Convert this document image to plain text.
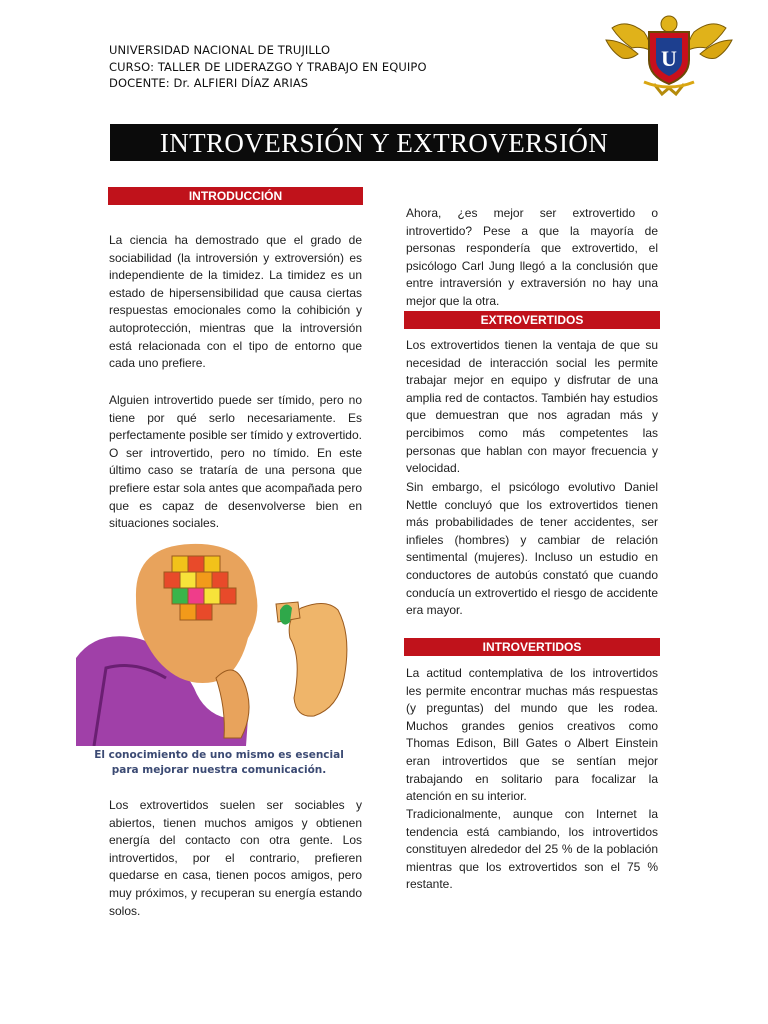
UNIVERSIDAD NACIONAL DE TRUJILLO
CURSO: TALLER DE LIDERAZGO Y TRABAJO EN EQUIPO
DOCENTE: Dr. ALFIERI DÍAZ ARIAS
U
INTROVERSIÓN Y EXTROVERSIÓN
INTRODUCCIÓN
La ciencia ha demostrado que el grado de sociabilidad (la introversión y extroversión) es independiente de la timidez. La timidez es un estado de hipersensibilidad que causa ciertas respuestas emocionales como la cohibición y autoprotección, mientras que la introversión está relacionada con el tipo de entorno que cada uno prefiere.
Alguien introvertido puede ser tímido, pero no tiene por qué serlo necesariamente. Es perfectamente posible ser tímido y extrovertido. O ser introvertido, pero no tímido. En este último caso se trataría de una persona que prefiere estar sola antes que acompañada pero que es capaz de desenvolverse bien en situaciones sociales.
El conocimiento de uno mismo es esencial para mejorar nuestra comunicación.
Los extrovertidos suelen ser sociables y abiertos, tienen muchos amigos y obtienen energía del contacto con otra gente. Los introvertidos, por el contrario, prefieren quedarse en casa, tienen pocos amigos, pero muy próximos, y recuperan su energía estando solos.
Ahora, ¿es mejor ser extrovertido o introvertido? Pese a que la mayoría de personas respondería que extrovertido, el psicólogo Carl Jung llegó a la conclusión que entre intraversión y extraversión no hay una mejor que la otra.
EXTROVERTIDOS
Los extrovertidos tienen la ventaja de que su necesidad de interacción social les permite trabajar mejor en equipo y disfrutar de una amplia red de contactos. También hay estudios que demuestran que nos agradan más y percibimos como más competentes las personas que hablan con mayor frecuencia y velocidad.
Sin embargo, el psicólogo evolutivo Daniel Nettle concluyó que los extrovertidos tienen más probabilidades de tener accidentes, ser infieles (hombres) y cambiar de relación sentimental (mujeres). Incluso un estudio en conductores de autobús constató que cuando conducía un extrovertido el riesgo de accidente era mayor.
INTROVERTIDOS
La actitud contemplativa de los introvertidos les permite encontrar muchas más respuestas (y preguntas) del mundo que les rodea. Muchos grandes genios creativos como Thomas Edison, Bill Gates o Albert Einstein eran introvertidos que se sentían mejor trabajando en solitario para focalizar la atención en su interior.
Tradicionalmente, aunque con Internet la tendencia está cambiando, los introvertidos constituyen alrededor del 25 % de la población mientras que los extrovertidos son el 75 % restante.
